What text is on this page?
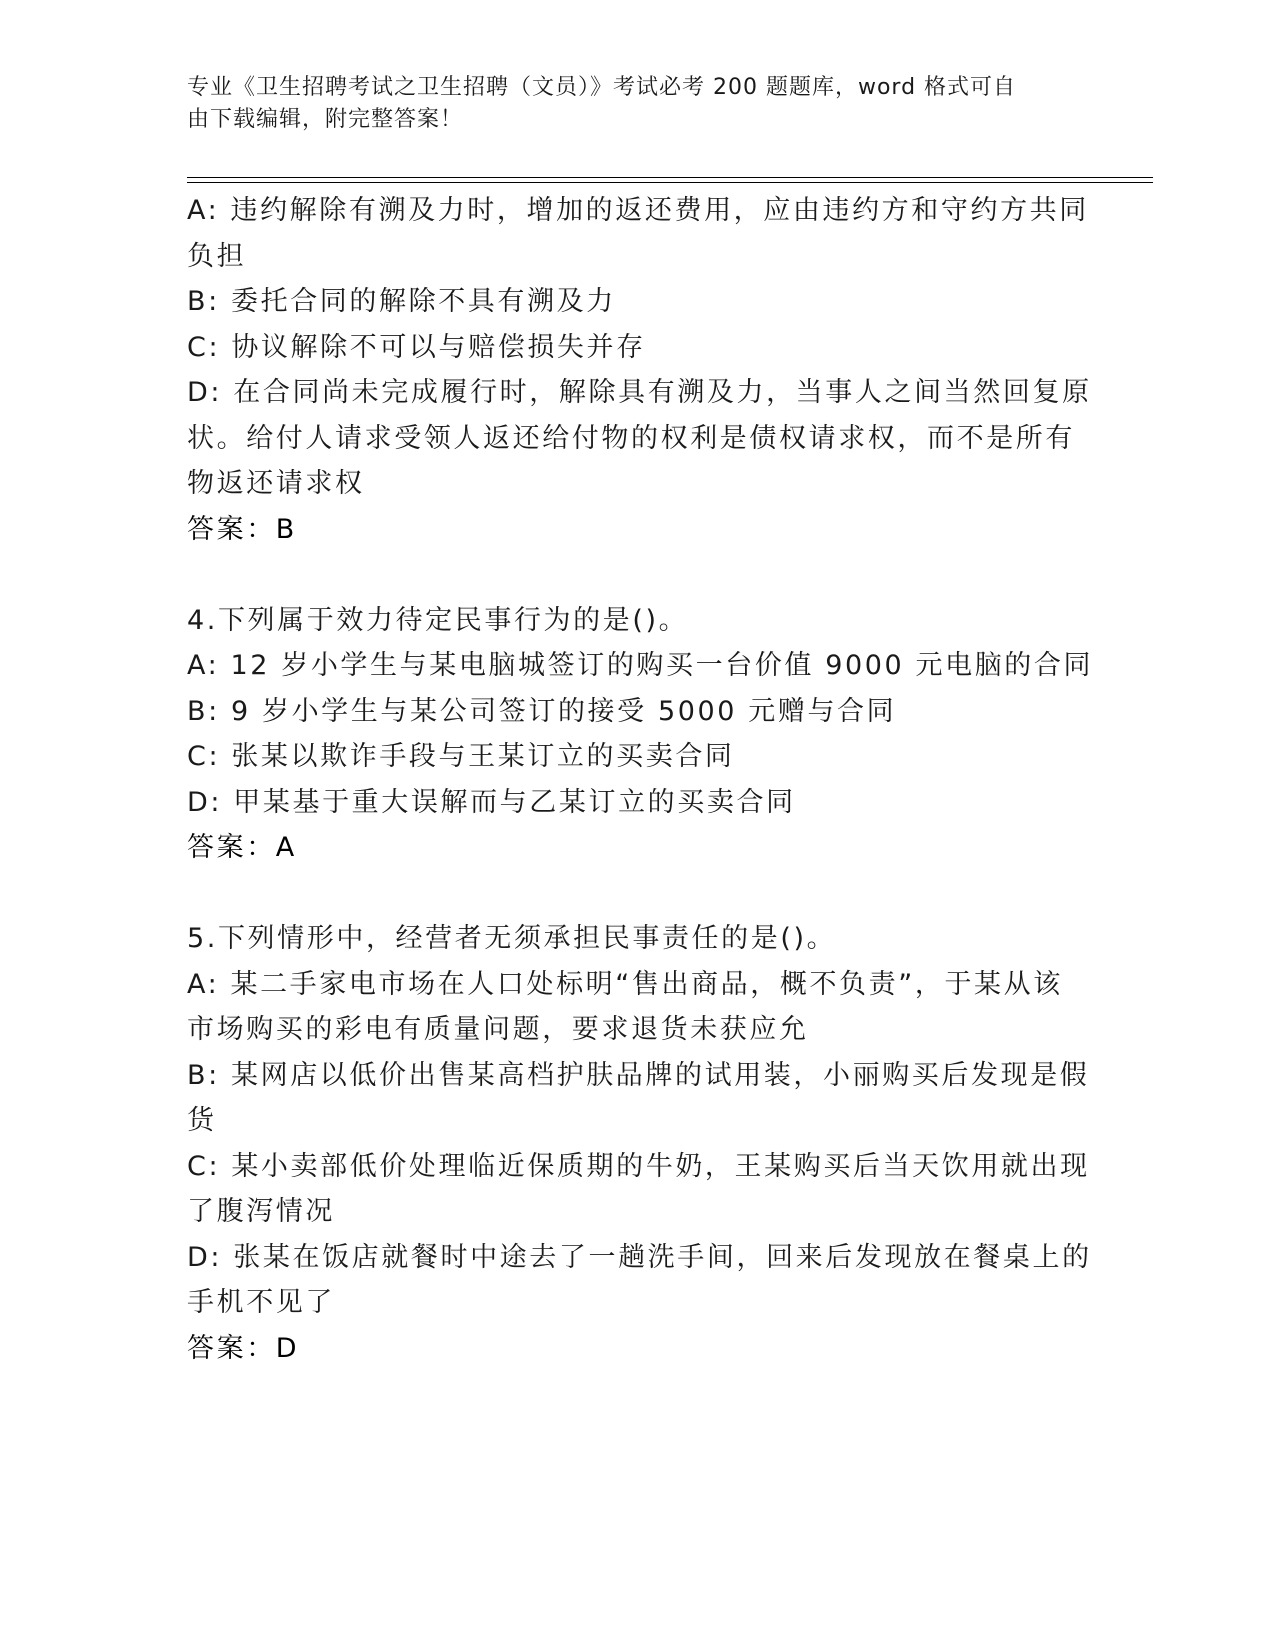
专业《卫生招聘考试之卫生招聘（文员）》考试必考 200 题题库，word 格式可自
由下载编辑，附完整答案！

A: 违约解除有溯及力时，增加的返还费用，应由违约方和守约方共同

负担

B: 委托合同的解除不具有溯及力

C: 协议解除不可以与赔偿损失并存

D: 在合同尚未完成履行时，解除具有溯及力，当事人之间当然回复原

状。给付人请求受领人返还给付物的权利是债权请求权，而不是所有

物返还请求权

答案：B

4.下列属于效力待定民事行为的是()。

A: 12 岁小学生与某电脑城签订的购买一台价值 9000 元电脑的合同

B: 9 岁小学生与某公司签订的接受 5000 元赠与合同

C: 张某以欺诈手段与王某订立的买卖合同

D: 甲某基于重大误解而与乙某订立的买卖合同

答案：A

5.下列情形中，经营者无须承担民事责任的是()。

A: 某二手家电市场在人口处标明“售出商品，概不负责”，于某从该

市场购买的彩电有质量问题，要求退货未获应允

B: 某网店以低价出售某高档护肤品牌的试用装，小丽购买后发现是假

货

C: 某小卖部低价处理临近保质期的牛奶，王某购买后当天饮用就出现

了腹泻情况

D: 张某在饭店就餐时中途去了一趟洗手间，回来后发现放在餐桌上的

手机不见了

答案：D
